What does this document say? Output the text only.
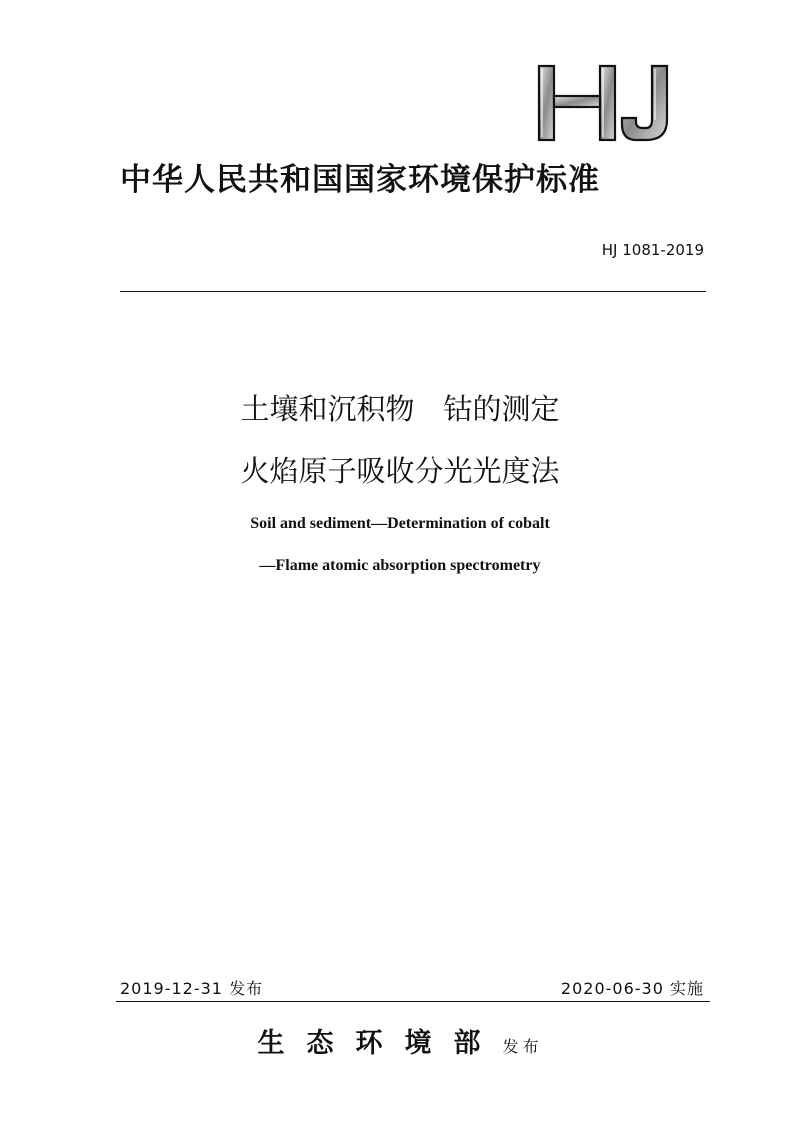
中华人民共和国国家环境保护标准
HJ 1081-2019
土壤和沉积物　钴的测定
火焰原子吸收分光光度法
Soil and sediment—Determination of cobalt
—Flame atomic absorption spectrometry
2019-12-31 发布	2020-06-30 实施
生态环境部发布
